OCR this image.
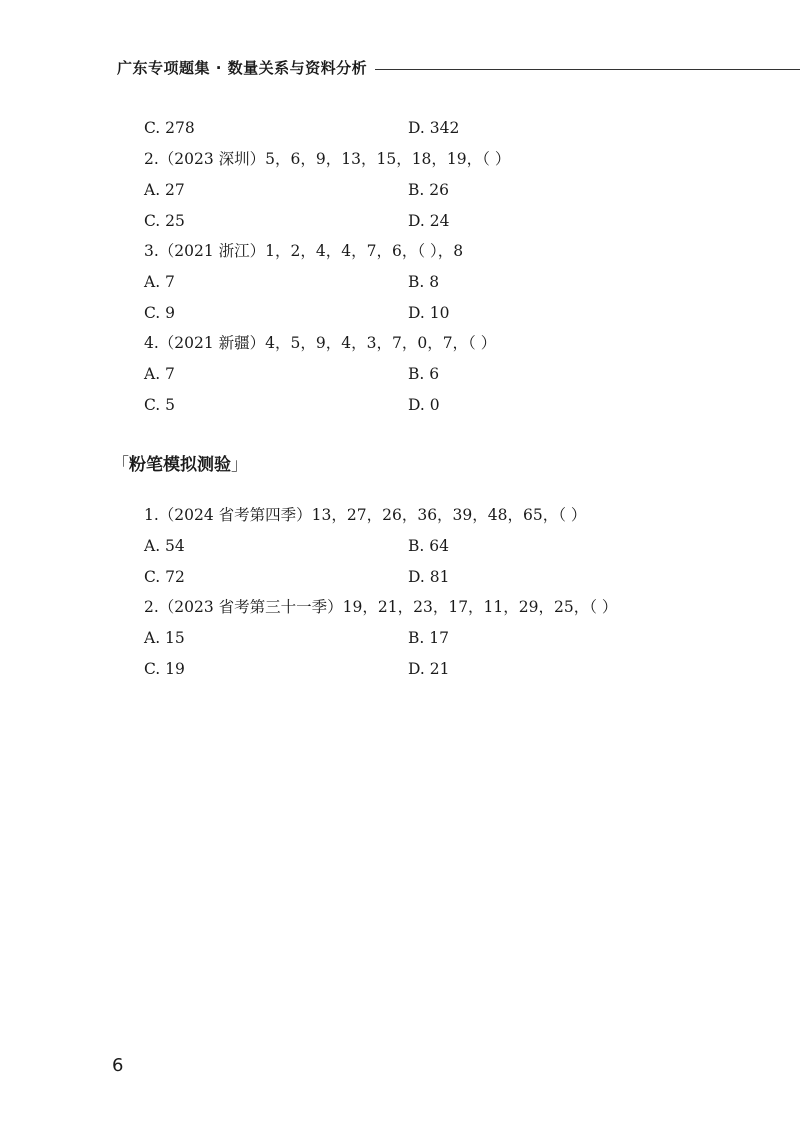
广东专项题集 · 数量关系与资料分析
C. 278	D. 342
2.（2023 深圳）5，6，9，13，15，18，19，（ ）
A. 27	B. 26
C. 25	D. 24
3.（2021 浙江）1，2，4，4，7，6，（ ），8
A. 7	B. 8
C. 9	D. 10
4.（2021 新疆）4，5，9，4，3，7，0，7，（ ）
A. 7	B. 6
C. 5	D. 0
「粉笔模拟测验」
1.（2024 省考第四季）13，27，26，36，39，48，65，（ ）
A. 54	B. 64
C. 72	D. 81
2.（2023 省考第三十一季）19，21，23，17，11，29，25，（ ）
A. 15	B. 17
C. 19	D. 21
6
